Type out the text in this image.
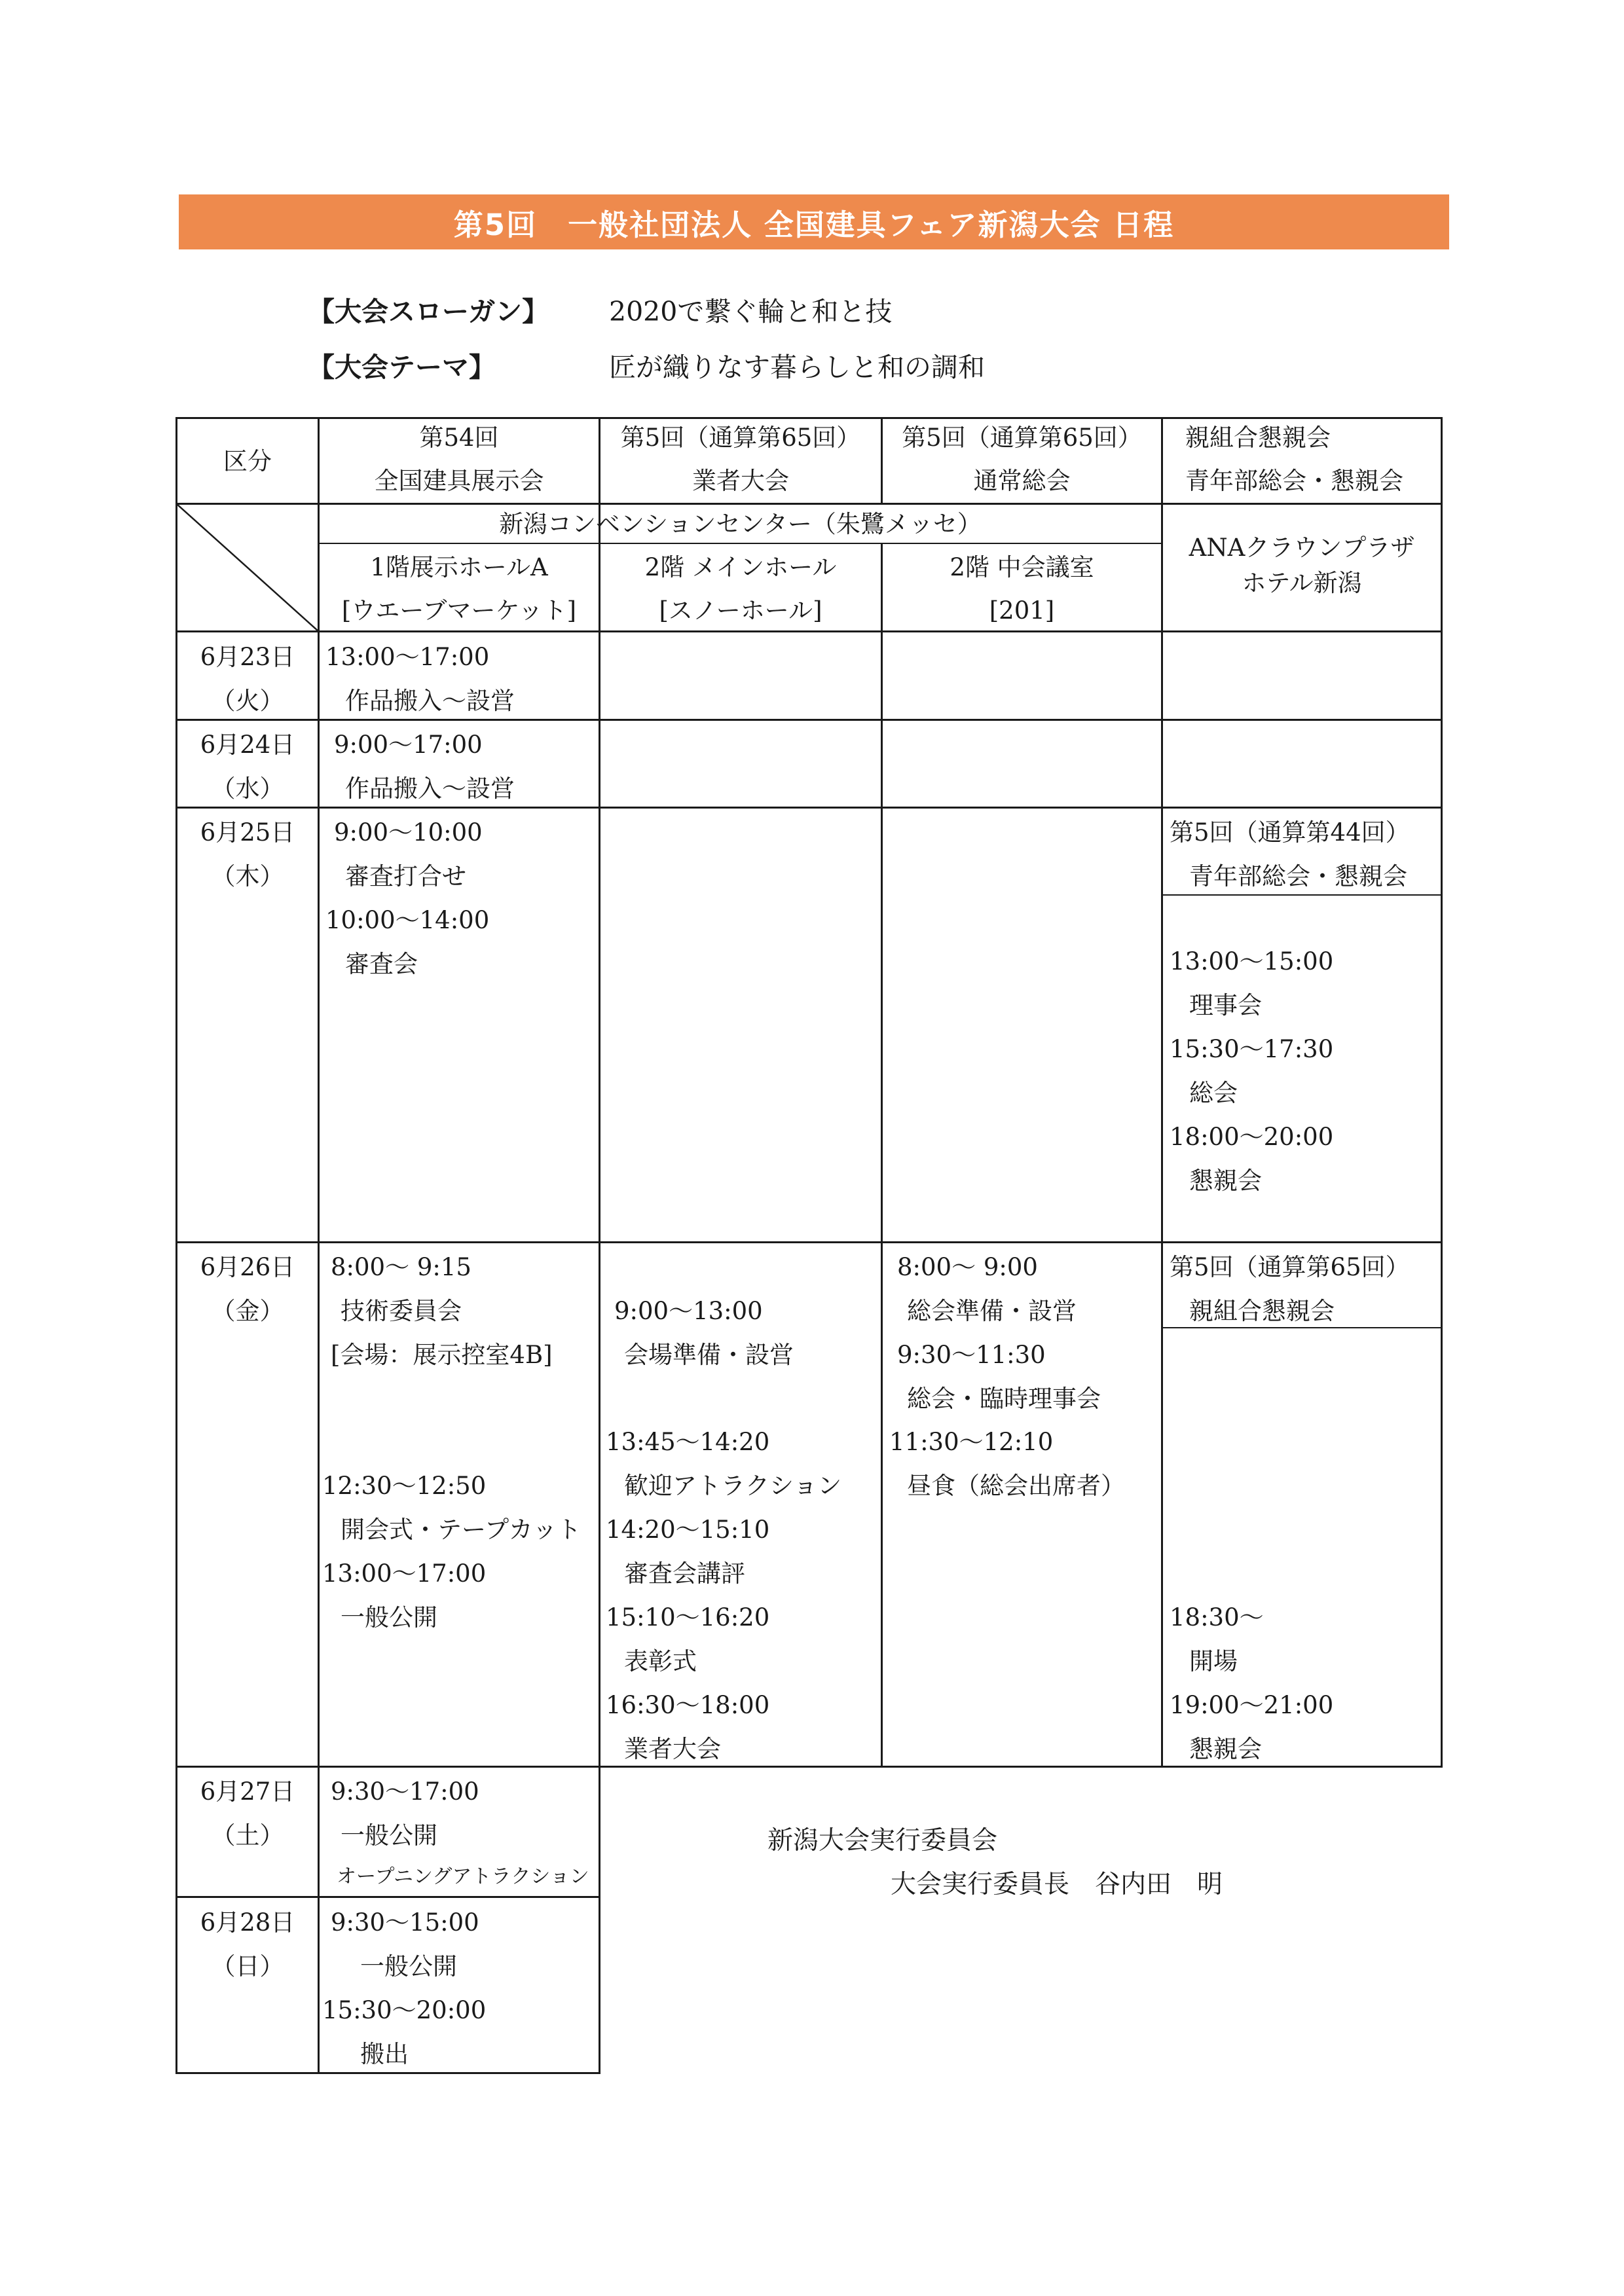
第5回　一般社団法人 全国建具フェア新潟大会 日程
【大会スローガン】 2020で繋ぐ輪と和と技
【大会テーマ】	匠が織りなす暮らしと和の調和
区分
第54回
全国建具展示会
第5回（通算第65回）
業者大会
第5回（通算第65回）
通常総会
親組合懇親会
青年部総会・懇親会
新潟コンベンションセンター（朱鷺メッセ）
1階展示ホールA
[ウエーブマーケット]
2階 メインホール
[スノーホール]
2階 中会議室
[201]
ANAクラウンプラザ
ホテル新潟
6月23日
（火）
13:00～17:00
作品搬入～設営
6月24日
（水）
9:00～17:00
作品搬入～設営
6月25日
（木）
9:00～10:00
審査打合せ
10:00～14:00
審査会
第5回（通算第44回）
青年部総会・懇親会
13:00～15:00
理事会
15:30～17:30
総会
18:00～20:00
懇親会
6月26日
（金）
8:00～ 9:15
技術委員会
[会場：展示控室4B]
12:30～12:50
開会式・テープカット
13:00～17:00
一般公開
9:00～13:00
会場準備・設営
13:45～14:20
歓迎アトラクション
14:20～15:10
審査会講評
15:10～16:20
表彰式
16:30～18:00
業者大会
8:00～ 9:00
総会準備・設営
9:30～11:30
総会・臨時理事会
11:30～12:10
昼食（総会出席者）
第5回（通算第65回）
親組合懇親会
18:30～
開場
19:00～21:00
懇親会
6月27日
（土）
9:30～17:00
一般公開
オープニングアトラクション
6月28日
（日）
9:30～15:00
一般公開
15:30～20:00
搬出
新潟大会実行委員会
大会実行委員長　谷内田　明
